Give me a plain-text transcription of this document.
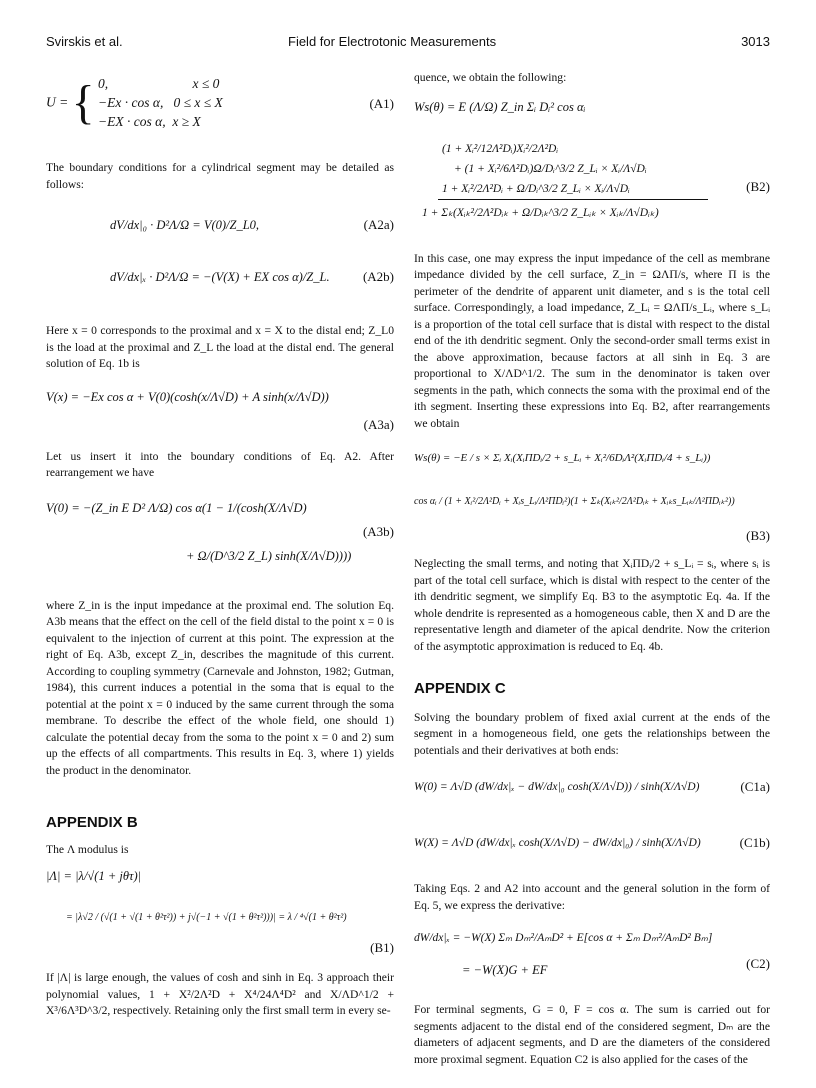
Svirskis et al.	Field for Electrotonic Measurements	3013
U = { 0,                         x ≤ 0
−Ex · cos α,   0 ≤ x ≤ X
−EX · cos α,  x ≥ X
(A1)

The boundary conditions for a cylindrical segment may be detailed as follows:

dV/dx|₀ · D²Λ/Ω = V(0)/Z_L0,	(A2a)
dV/dx|ₓ · D²Λ/Ω = −(V(X) + EX cos α)/Z_L.	(A2b)

Here x = 0 corresponds to the proximal and x = X to the distal end; Z_L0 is the load at the proximal and Z_L the load at the distal end. The general solution of Eq. 1b is

V(x) = −Ex cos α + V(0)(cosh(x/Λ√D) + A sinh(x/Λ√D))
(A3a)

Let us insert it into the boundary conditions of Eq. A2. After rearrangement we have

V(0) = −(Z_in E D² Λ/Ω) cos α(1 − 1/(cosh(X/Λ√D)
+ Ω/(D^3/2 Z_L) sinh(X/Λ√D))))
(A3b)

where Z_in is the input impedance at the proximal end. The solution Eq. A3b means that the effect on the cell of the field distal to the point x = 0 is equivalent to the injection of current at this point. The expression at the right of Eq. A3b, except Z_in, describes the magnitude of this current. According to coupling symmetry (Carnevale and Johnston, 1982; Gutman, 1984), this current induces a potential in the soma that is equal to the potential at the point x = 0 induced by the same current through the soma membrane. To describe the effect of the whole field, one should 1) calculate the potential decay from the soma to the point x = 0 and 2) sum up the effects of all compartments. This results in Eq. 3, where 1) yields the product in the denominator.

APPENDIX B

The Λ modulus is

|Λ| = |λ/√(1 + jθτ)|
= |λ√2 / (√(1 + √(1 + θ²τ²)) + j√(−1 + √(1 + θ²τ²)))| = λ / ⁴√(1 + θ²τ²)
(B1)

If |Λ| is large enough, the values of cosh and sinh in Eq. 3 approach their polynomial values, 1 + X²/2Λ²D + X⁴/24Λ⁴D² and X/ΛD^1/2 + X³/6Λ³D^3/2, respectively. Retaining only the first small term in every se-

quence, we obtain the following:

Ws(θ) = E (Λ/Ω) Z_in Σᵢ Dᵢ² cos αᵢ
(1 + Xᵢ²/12Λ²Dᵢ)Xᵢ²/2Λ²Dᵢ
+ (1 + Xᵢ²/6Λ²Dᵢ)Ω/Dᵢ^3/2 Z_Lᵢ × Xᵢ/Λ√Dᵢ
1 + Xᵢ²/2Λ²Dᵢ + Ω/Dᵢ^3/2 Z_Lᵢ × Xᵢ/Λ√Dᵢ
1 + Σₖ(Xᵢₖ²/2Λ²Dᵢₖ + Ω/Dᵢₖ^3/2 Z_Lᵢₖ × Xᵢₖ/Λ√Dᵢₖ)
(B2)

In this case, one may express the input impedance of the cell as membrane impedance divided by the cell surface, Z_in = ΩΛΠ/s, where Π is the perimeter of the dendrite of apparent unit diameter, and s is the total cell surface. Correspondingly, a load impedance, Z_Lᵢ = ΩΛΠ/s_Lᵢ, where s_Lᵢ is a proportion of the total cell surface that is distal with respect to the distal end of the ith dendritic segment. Only the second-order small terms exist in the above approximation, because factors at all sinh in Eq. 3 are proportional to X/ΛD^1/2. The sum in the denominator is taken over segments in the path, which connects the soma with the proximal end of the ith segment. Inserting these expressions into Eq. B2, after rearrangements we obtain

Ws(θ) = −E / s × Σᵢ Xᵢ(XᵢΠDᵢ/2 + s_Lᵢ + Xᵢ²/6DᵢΛ²(XᵢΠDᵢ/4 + s_Lᵢ))
cos αᵢ / (1 + Xᵢ²/2Λ²Dᵢ + Xᵢs_Lᵢ/Λ²ΠDᵢ²)(1 + Σₖ(Xᵢₖ²/2Λ²Dᵢₖ + Xᵢₖs_Lᵢₖ/Λ²ΠDᵢₖ²))
(B3)

Neglecting the small terms, and noting that XᵢΠDᵢ/2 + s_Lᵢ = sᵢ, where sᵢ is part of the total cell surface, which is distal with respect to the center of the ith dendritic segment, we simplify Eq. B3 to the asymptotic Eq. 4a. If the whole dendrite is represented as a homogeneous cable, then X and D are the representative length and diameter of the apical dendrite. Now the criterion of the asymptotic approximation is reduced to Eq. 4b.

APPENDIX C

Solving the boundary problem of fixed axial current at the ends of the segment in a homogeneous field, one gets the relationships between the potentials and their derivatives at both ends:

W(0) = Λ√D (dW/dx|ₓ − dW/dx|₀ cosh(X/Λ√D)) / sinh(X/Λ√D)	(C1a)
W(X) = Λ√D (dW/dx|ₓ cosh(X/Λ√D) − dW/dx|₀) / sinh(X/Λ√D)	(C1b)

Taking Eqs. 2 and A2 into account and the general solution in the form of Eq. 5, we express the derivative:

dW/dx|ₓ = −W(X) Σₘ Dₘ²/AₘD² + E[cos α + Σₘ Dₘ²/AₘD² Bₘ]
= −W(X)G + EF	(C2)

For terminal segments, G = 0, F = cos α. The sum is carried out for segments adjacent to the distal end of the considered segment, Dₘ are the diameters of adjacent segments, and D are the diameters of the considered more proximal segment. Equation C2 is also applied for the cases of the
